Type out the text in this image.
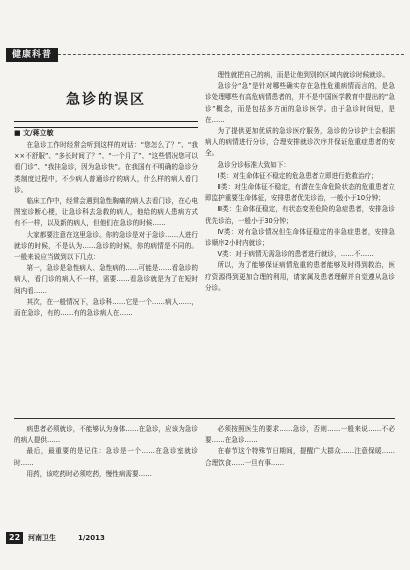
健康科普
急诊的误区
■ 文/蒋立敏

在急诊工作时经常会听到这样的对话：“您怎么了？”、“我××不舒服”、“多长时间了？”、“一个月了”、“这些情况您可以看门诊”、“我挂急诊，因为急诊快”。在我国有不明确的急诊分类制度过程中，不少病人普通诊疗的病人，什么样的病人看门诊。

临床工作中，经常会遇到急性胸痛的病人去看门诊，在心电图室诊断心梗，让急诊科去急救的病人，他给的病人患病方式有不一样，以及新的病人，但他们在急诊的时候……

大家都要注意在这里急诊。你的急诊是对于急诊……人进行就诊的时候，不是认为……急诊的时候，你的病情是不同的。一般来说应当做到以下几点：

第一，急诊是急性病人、急性病的……可能是……看急诊的病人，看门诊的病人不一样，需要……看急诊就是为了在短时间内看……

其次，在一般情况下，急诊科……它是一个……病人……，而在急诊，有的……有的急诊病人在……

理性就把自己的病，而是让他到别的区域内就诊时候就诊。

急诊分“急”是针对哪些确实存在急性危重病情而言的，是急诊处理哪些有高危病情患者的，并不是中国医学教育中提出的“急诊”概念，而是包括多方面的急诊医学。由于急诊时间短，是在……

为了提供更加优质的急诊医疗服务，急诊的分诊护士会根据病人的病情进行分诊，合理安排就诊次序并保证危重症患者的安全。

急诊分诊标准大致如下：

Ⅰ类：对生命体征不稳定的危急患者立即进行抢救治疗；

Ⅱ类：对生命体征不稳定，有潜在生命危险状态的危重患者立即监护重要生命体征，安排患者优先诊治，一般小于10分钟；

Ⅲ类：生命体征稳定，有状态变差危险的急症患者，安排急诊优先诊治，一般小于30分钟；

Ⅳ类：对有急诊情况但生命体征稳定的非急症患者，安排急诊顺序2小时内就诊；

Ⅴ类：对于病情无需急诊的患者进行就诊，……不……

所以，为了能够保证病情危重的患者能够及时得到救治，医疗资源得到更加合理的利用，请家属及患者理解并自觉遵从急诊分诊。

病患者必须就诊，不能够认为身体……在急诊，应该为急诊的病人提供……

最后，最重要的是记住：急诊是一个……在急诊室就诊时……

用药，该吃药时必须吃药，慢性病需要……

必须按照医生的要求……急诊，否则……一般来说……不必要……在急诊……

在春节这个特殊节日期间，提醒广大群众……注意保暖……合理饮食……一旦有事……

22	河南卫生	1/2013
